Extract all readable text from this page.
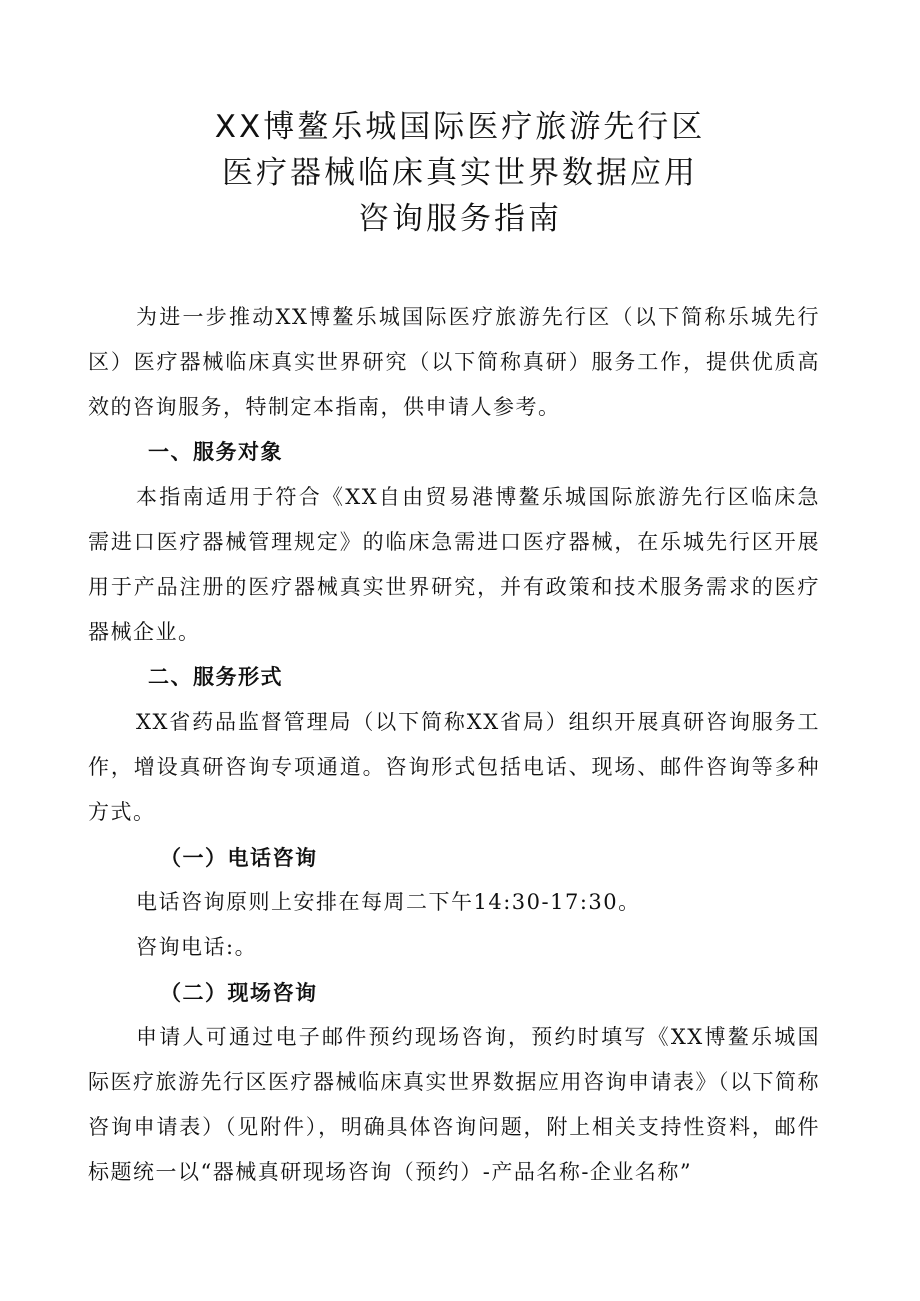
XX博鳌乐城国际医疗旅游先行区
医疗器械临床真实世界数据应用
咨询服务指南

为进一步推动XX博鳌乐城国际医疗旅游先行区（以下简称乐城先行区）医疗器械临床真实世界研究（以下简称真研）服务工作，提供优质高效的咨询服务，特制定本指南，供申请人参考。

一、服务对象

本指南适用于符合《XX自由贸易港博鳌乐城国际旅游先行区临床急需进口医疗器械管理规定》的临床急需进口医疗器械，在乐城先行区开展用于产品注册的医疗器械真实世界研究，并有政策和技术服务需求的医疗器械企业。

二、服务形式

XX省药品监督管理局（以下简称XX省局）组织开展真研咨询服务工作，增设真研咨询专项通道。咨询形式包括电话、现场、邮件咨询等多种方式。

（一）电话咨询

电话咨询原则上安排在每周二下午14:30-17:30。

咨询电话:。

（二）现场咨询

申请人可通过电子邮件预约现场咨询，预约时填写《XX博鳌乐城国际医疗旅游先行区医疗器械临床真实世界数据应用咨询申请表》（以下简称咨询申请表）（见附件），明确具体咨询问题，附上相关支持性资料，邮件标题统一以“器械真研现场咨询（预约）-产品名称-企业名称”
